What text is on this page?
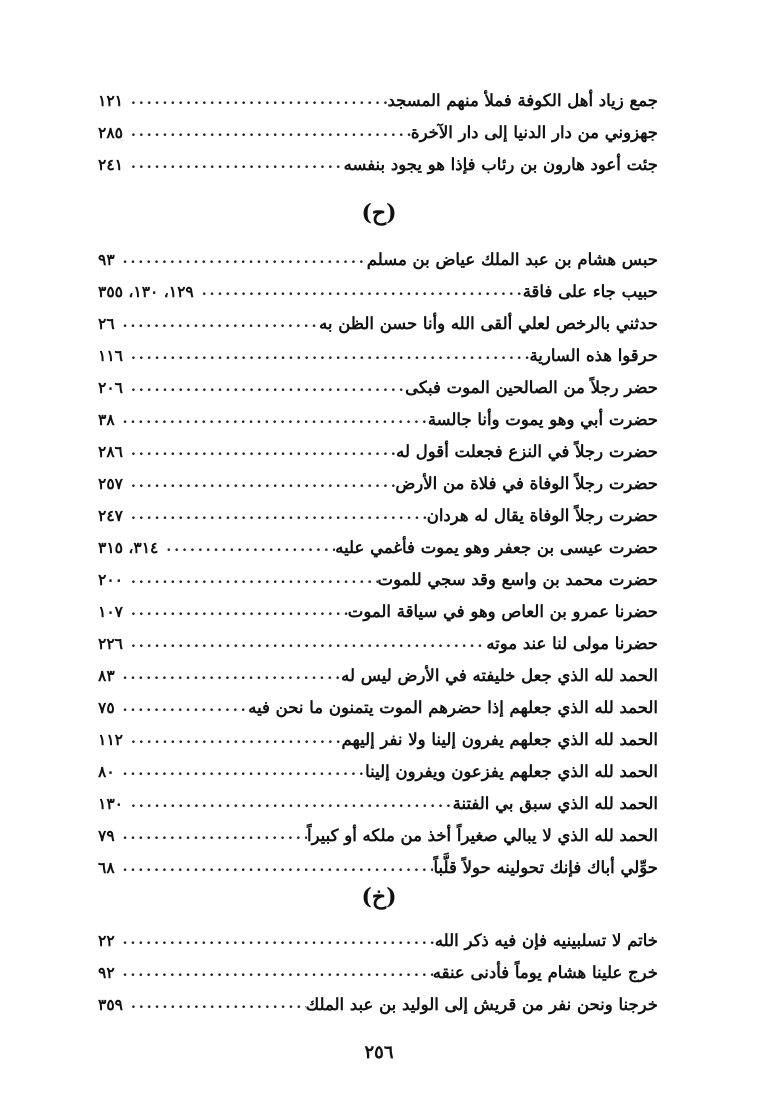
جمع زياد أهل الكوفة فملأ منهم المسجد
.....
١٢١
جهزوني من دار الدنيا إلى دار الآخرة
.....
٢٨٥
جئت أعود هارون بن رئاب فإذا هو يجود بنفسه
.....
٢٤١
(ح)
حبس هشام بن عبد الملك عياض بن مسلم
.....
٩٣
حبيب جاء على فاقة
.....
١٢٩، ١٣٠، ٣٥٥
حدثني بالرخص لعلي ألقى الله وأنا حسن الظن به
.....
٢٦
حرقوا هذه السارية
.....
١١٦
حضر رجلاً من الصالحين الموت فبكى
.....
٢٠٦
حضرت أبي وهو يموت وأنا جالسة
.....
٣٨
حضرت رجلاً في النزع فجعلت أقول له
.....
٢٨٦
حضرت رجلاً الوفاة في فلاة من الأرض
.....
٢٥٧
حضرت رجلاً الوفاة يقال له هردان
.....
٢٤٧
حضرت عيسى بن جعفر وهو يموت فأغمي عليه
.....
٣١٤، ٣١٥
حضرت محمد بن واسع وقد سجي للموت
.....
٢٠٠
حضرنا عمرو بن العاص وهو في سياقة الموت
.....
١٠٧
حضرنا مولى لنا عند موته
.....
٢٢٦
الحمد لله الذي جعل خليفته في الأرض ليس له
.....
٨٣
الحمد لله الذي جعلهم إذا حضرهم الموت يتمنون ما نحن فيه
.....
٧٥
الحمد لله الذي جعلهم يفرون إلينا ولا نفر إليهم
.....
١١٢
الحمد لله الذي جعلهم يفزعون ويفرون إلينا
.....
٨٠
الحمد لله الذي سبق بي الفتنة
.....
١٣٠
الحمد لله الذي لا يبالي صغيراً أخذ من ملكه أو كبيراً
.....
٧٩
حوِّلي أباك فإنك تحولينه حولاً قلَّباً
.....
٦٨
(خ)
خاتم لا تسلبينيه فإن فيه ذكر الله
.....
٢٢
خرج علينا هشام يوماً فأدنى عنقه
.....
٩٢
خرجنا ونحن نفر من قريش إلى الوليد بن عبد الملك
.....
٣٥٩
٢٥٦
